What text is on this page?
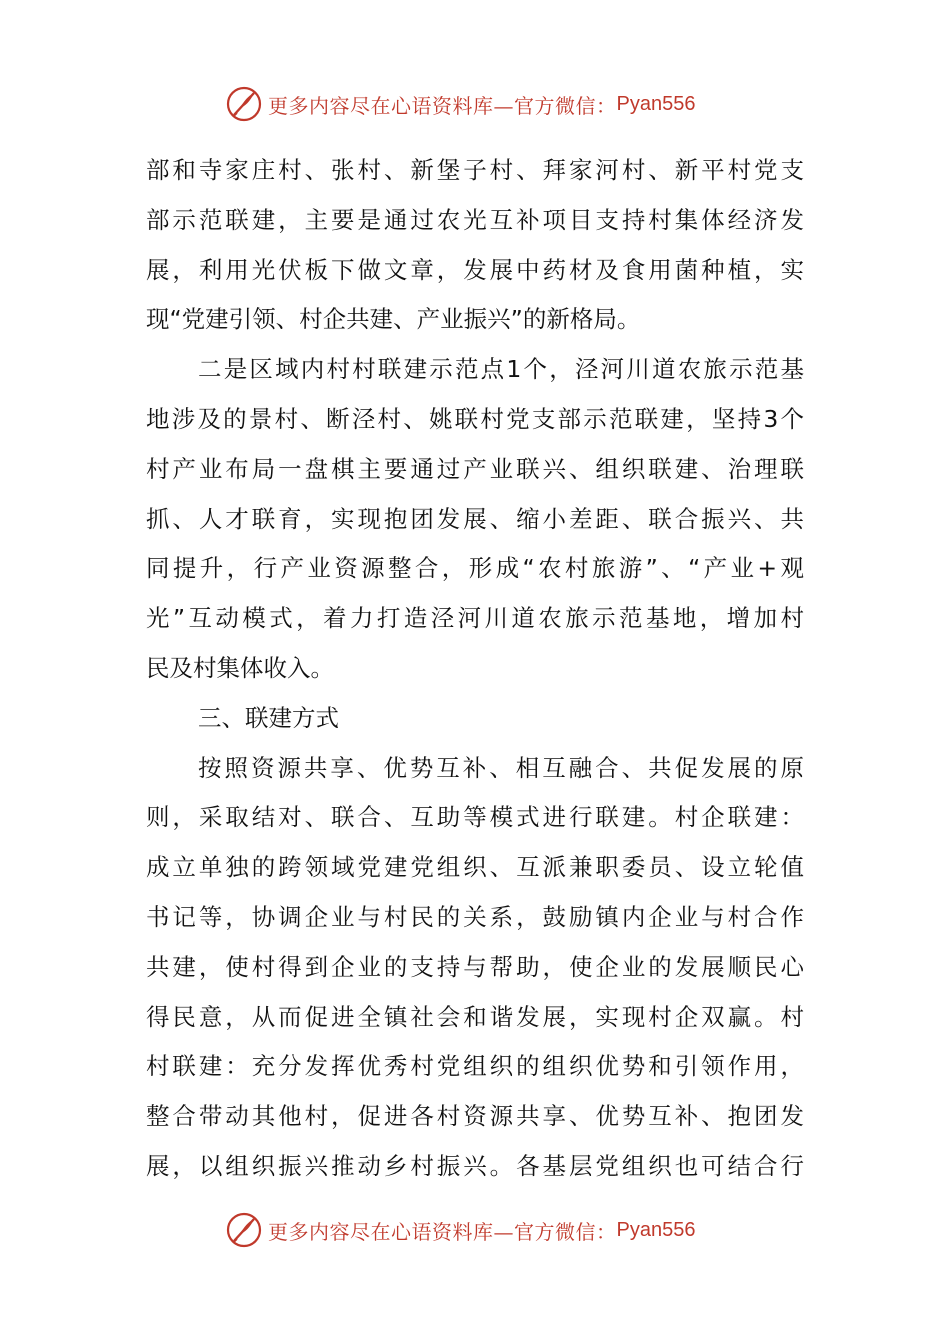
更多内容尽在心语资料库—官方微信： Pyan556
部和寺家庄村、张村、新堡子村、拜家河村、新平村党支
部示范联建，主要是通过农光互补项目支持村集体经济发
展，利用光伏板下做文章，发展中药材及食用菌种植，实
现“党建引领、村企共建、产业振兴”的新格局。
二是区域内村村联建示范点1个，泾河川道农旅示范基
地涉及的景村、断泾村、姚联村党支部示范联建，坚持3个
村产业布局一盘棋主要通过产业联兴、组织联建、治理联
抓、人才联育，实现抱团发展、缩小差距、联合振兴、共
同提升，行产业资源整合，形成“农村旅游”、“产业+观
光”互动模式，着力打造泾河川道农旅示范基地，增加村
民及村集体收入。
三、联建方式
按照资源共享、优势互补、相互融合、共促发展的原
则，采取结对、联合、互助等模式进行联建。村企联建：
成立单独的跨领域党建党组织、互派兼职委员、设立轮值
书记等，协调企业与村民的关系，鼓励镇内企业与村合作
共建，使村得到企业的支持与帮助，使企业的发展顺民心
得民意，从而促进全镇社会和谐发展，实现村企双赢。村
村联建：充分发挥优秀村党组织的组织优势和引领作用，
整合带动其他村，促进各村资源共享、优势互补、抱团发
展，以组织振兴推动乡村振兴。各基层党组织也可结合行
更多内容尽在心语资料库—官方微信： Pyan556
